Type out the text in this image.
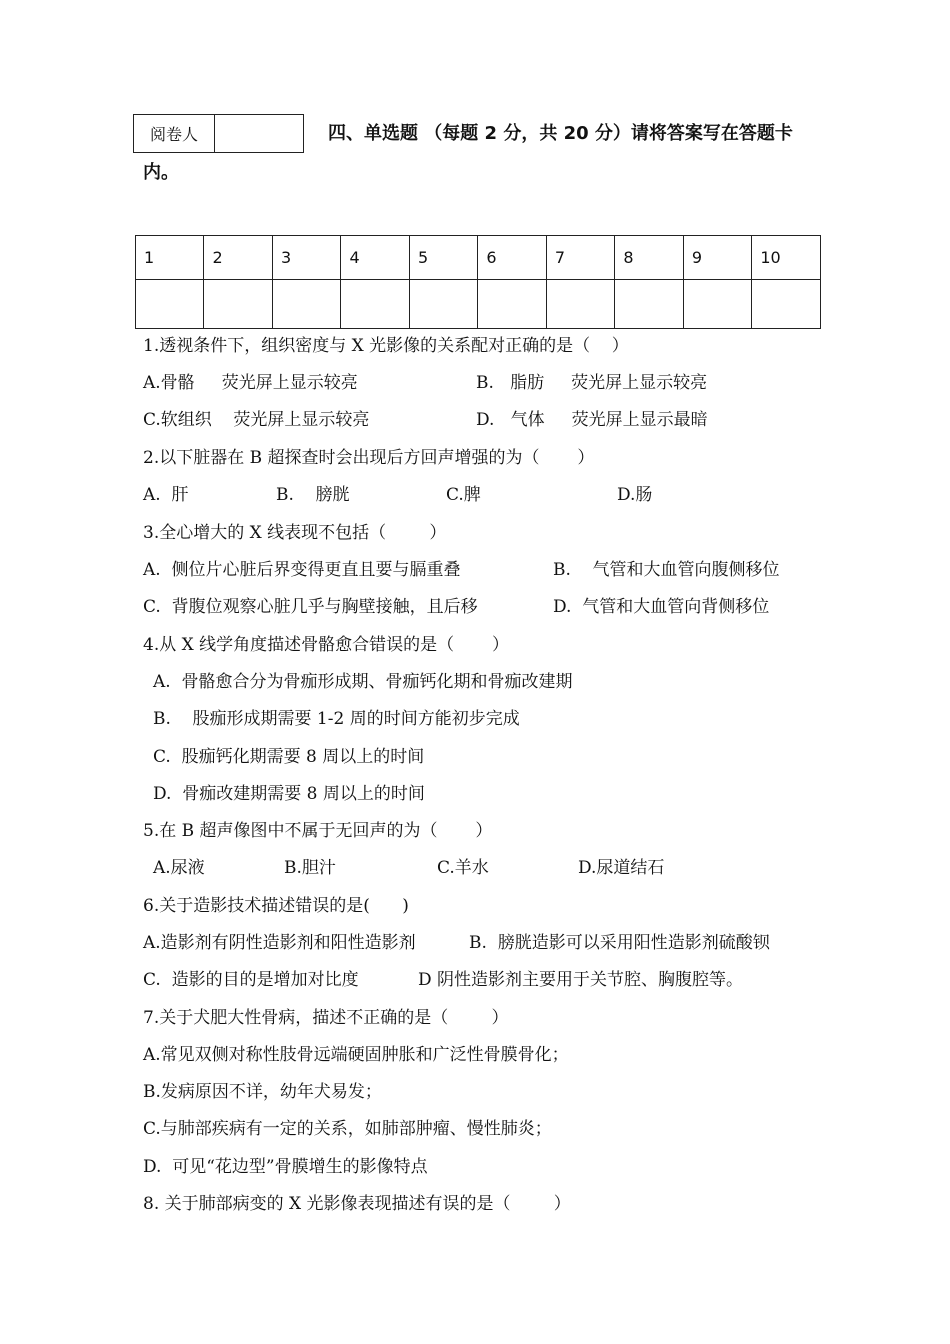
阅卷人	四、单选题 （每题 2 分，共 20 分）请将答案写在答题卡
内。
1	2	3	4	5	6	7	8	9	10

1.透视条件下，组织密度与 X 光影像的关系配对正确的是（    ）
A.骨骼     荧光屏上显示较亮	B.   脂肪     荧光屏上显示较亮
C.软组织    荧光屏上显示较亮	D.   气体     荧光屏上显示最暗
2.以下脏器在 B 超探查时会出现后方回声增强的为（       ）
A.  肝	B.    膀胱	C.脾	D.肠
3.全心增大的 X 线表现不包括（        ）
A.  侧位片心脏后界变得更直且要与膈重叠	B.    气管和大血管向腹侧移位
C.  背腹位观察心脏几乎与胸壁接触，且后移	D.  气管和大血管向背侧移位
4.从 X 线学角度描述骨骼愈合错误的是（       ）
A.  骨骼愈合分为骨痂形成期、骨痂钙化期和骨痂改建期
B.    股痂形成期需要 1-2 周的时间方能初步完成
C.  股痂钙化期需要 8 周以上的时间
D.  骨痂改建期需要 8 周以上的时间
5.在 B 超声像图中不属于无回声的为（       ）
A.尿液	B.胆汁	C.羊水	D.尿道结石
6.关于造影技术描述错误的是(      )
A.造影剂有阴性造影剂和阳性造影剂	B.  膀胱造影可以采用阳性造影剂硫酸钡
C.  造影的目的是增加对比度	D 阴性造影剂主要用于关节腔、胸腹腔等。
7.关于犬肥大性骨病，描述不正确的是（        ）
A.常见双侧对称性肢骨远端硬固肿胀和广泛性骨膜骨化；
B.发病原因不详，幼年犬易发；
C.与肺部疾病有一定的关系，如肺部肿瘤、慢性肺炎；
D.  可见“花边型”骨膜增生的影像特点
8. 关于肺部病变的 X 光影像表现描述有误的是（        ）
